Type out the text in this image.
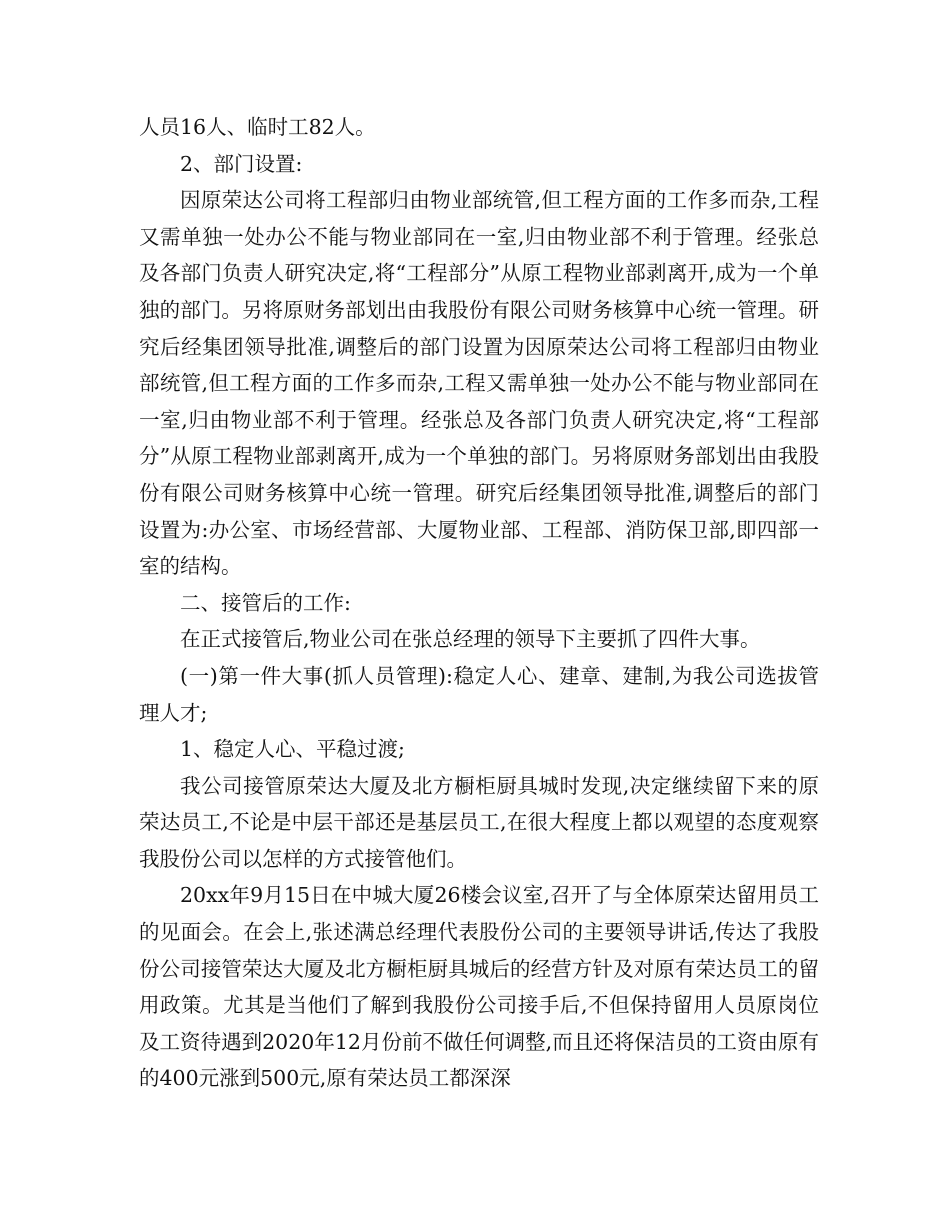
人员16人、临时工82人。

2、部门设置:

因原荣达公司将工程部归由物业部统管,但工程方面的工作多而杂,工程又需单独一处办公不能与物业部同在一室,归由物业部不利于管理。经张总及各部门负责人研究决定,将“工程部分”从原工程物业部剥离开,成为一个单独的部门。另将原财务部划出由我股份有限公司财务核算中心统一管理。研究后经集团领导批准,调整后的部门设置为因原荣达公司将工程部归由物业部统管,但工程方面的工作多而杂,工程又需单独一处办公不能与物业部同在一室,归由物业部不利于管理。经张总及各部门负责人研究决定,将“工程部分”从原工程物业部剥离开,成为一个单独的部门。另将原财务部划出由我股份有限公司财务核算中心统一管理。研究后经集团领导批准,调整后的部门设置为:办公室、市场经营部、大厦物业部、工程部、消防保卫部,即四部一室的结构。

二、接管后的工作:

在正式接管后,物业公司在张总经理的领导下主要抓了四件大事。

(一)第一件大事(抓人员管理):稳定人心、建章、建制,为我公司选拔管理人才;

1、稳定人心、平稳过渡;

我公司接管原荣达大厦及北方橱柜厨具城时发现,决定继续留下来的原荣达员工,不论是中层干部还是基层员工,在很大程度上都以观望的态度观察我股份公司以怎样的方式接管他们。

20xx年9月15日在中城大厦26楼会议室,召开了与全体原荣达留用员工的见面会。在会上,张述满总经理代表股份公司的主要领导讲话,传达了我股份公司接管荣达大厦及北方橱柜厨具城后的经营方针及对原有荣达员工的留用政策。尤其是当他们了解到我股份公司接手后,不但保持留用人员原岗位及工资待遇到2020年12月份前不做任何调整,而且还将保洁员的工资由原有的400元涨到500元,原有荣达员工都深深
